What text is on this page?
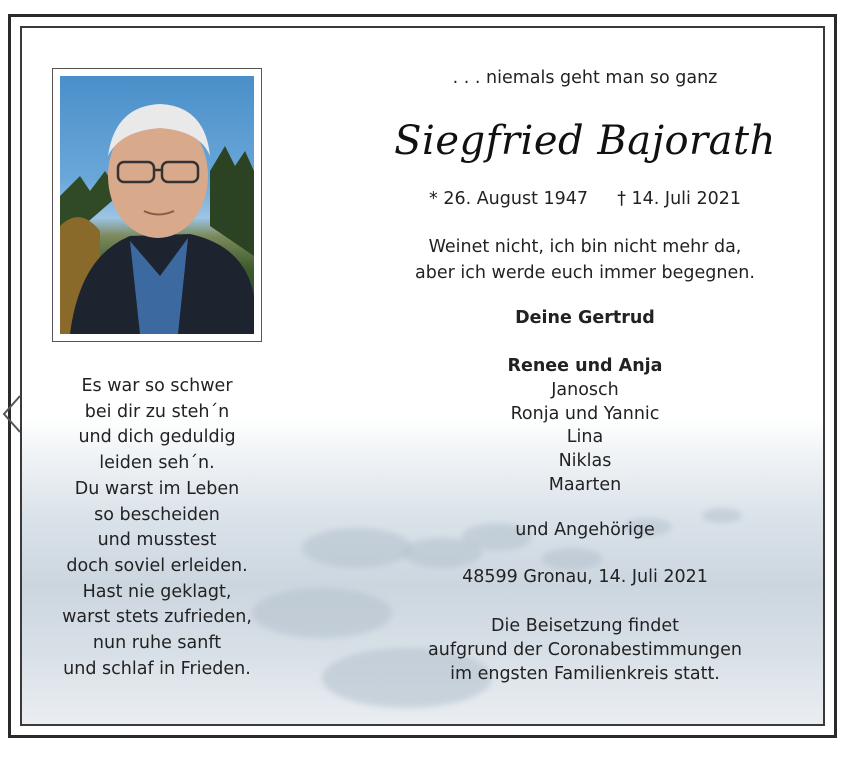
Es war so schwer
bei dir zu steh´n
und dich geduldig
leiden seh´n.
Du warst im Leben
so bescheiden
und musstest
doch soviel erleiden.
Hast nie geklagt,
warst stets zufrieden,
nun ruhe sanft
und schlaf in Frieden.
. . . niemals geht man so ganz
Siegfried Bajorath
* 26. August 1947 † 14. Juli 2021
Weinet nicht, ich bin nicht mehr da,
aber ich werde euch immer begegnen.
Deine Gertrud
Renee und Anja
Janosch
Ronja und Yannic
Lina
Niklas
Maarten
und Angehörige
48599 Gronau, 14. Juli 2021
Die Beisetzung findet
aufgrund der Coronabestimmungen
im engsten Familienkreis statt.
